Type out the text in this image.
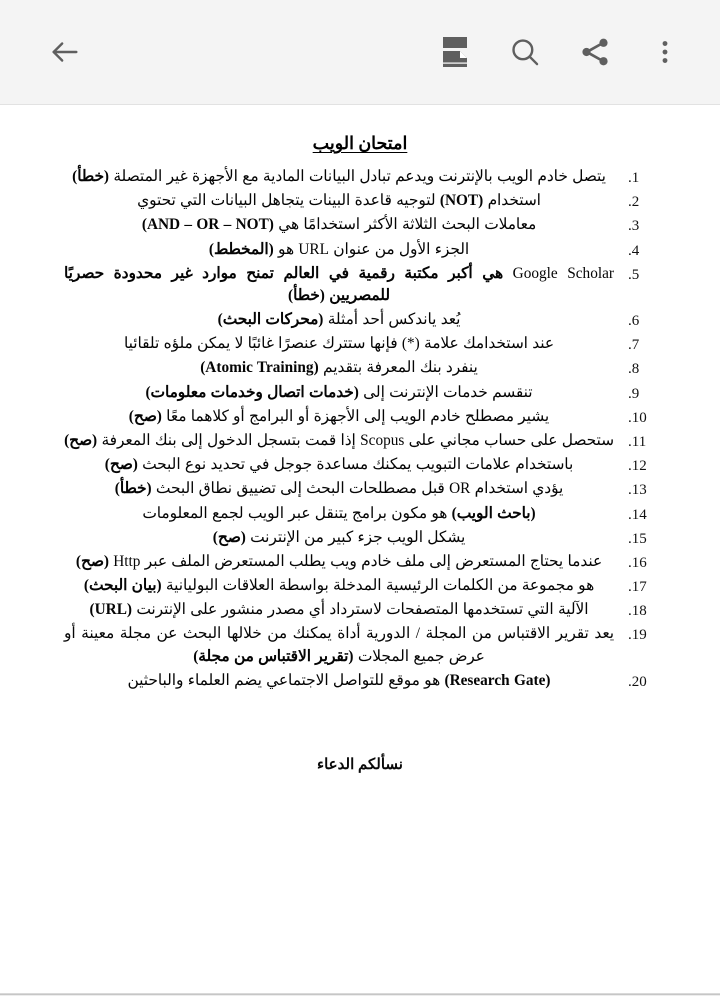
امتحان الويب
.1
يتصل خادم الويب بالإنترنت ويدعم تبادل البيانات المادية مع الأجهزة غير المتصلة (خطأ)
.2
استخدام (NOT) لتوجيه قاعدة البينات يتجاهل البيانات التي تحتوي
.3
معاملات البحث الثلاثة الأكثر استخدامًا هي (AND – OR – NOT)
.4
الجزء الأول من عنوان URL هو (المخطط)
.5
Google Scholar هي أكبر مكتبة رقمية في العالم تمنح موارد غير محدودة حصريًا للمصريين (خطأ)
.6
يُعد ياندكس أحد أمثلة (محركات البحث)
.7
عند استخدامك علامة (*) فإنها ستترك عنصرًا غائبًا لا يمكن ملؤه تلقائيا
.8
ينفرد بنك المعرفة بتقديم (Atomic Training)
.9
تنقسم خدمات الإنترنت إلى (خدمات اتصال وخدمات معلومات)
.10
يشير مصطلح خادم الويب إلى الأجهزة أو البرامج أو كلاهما معًا (صح)
.11
ستحصل على حساب مجاني على Scopus إذا قمت بتسجل الدخول إلى بنك المعرفة (صح)
.12
باستخدام علامات التبويب يمكنك مساعدة جوجل في تحديد نوع البحث (صح)
.13
يؤدي استخدام OR قبل مصطلحات البحث إلى تضييق نطاق البحث (خطأ)
.14
(باحث الويب) هو مكون برامج يتنقل عبر الويب لجمع المعلومات
.15
يشكل الويب جزء كبير من الإنترنت (صح)
.16
عندما يحتاج المستعرض إلى ملف خادم ويب يطلب المستعرض الملف عبر Http (صح)
.17
هو مجموعة من الكلمات الرئيسية المدخلة بواسطة العلاقات البوليانية (بيان البحث)
.18
الآلية التي تستخدمها المتصفحات لاسترداد أي مصدر منشور على الإنترنت (URL)
.19
يعد تقرير الاقتباس من المجلة / الدورية أداة يمكنك من خلالها البحث عن مجلة معينة أو عرض جميع المجلات (تقرير الاقتباس من مجلة)
.20
(Research Gate) هو موقع للتواصل الاجتماعي يضم العلماء والباحثين
نسألكم الدعاء
